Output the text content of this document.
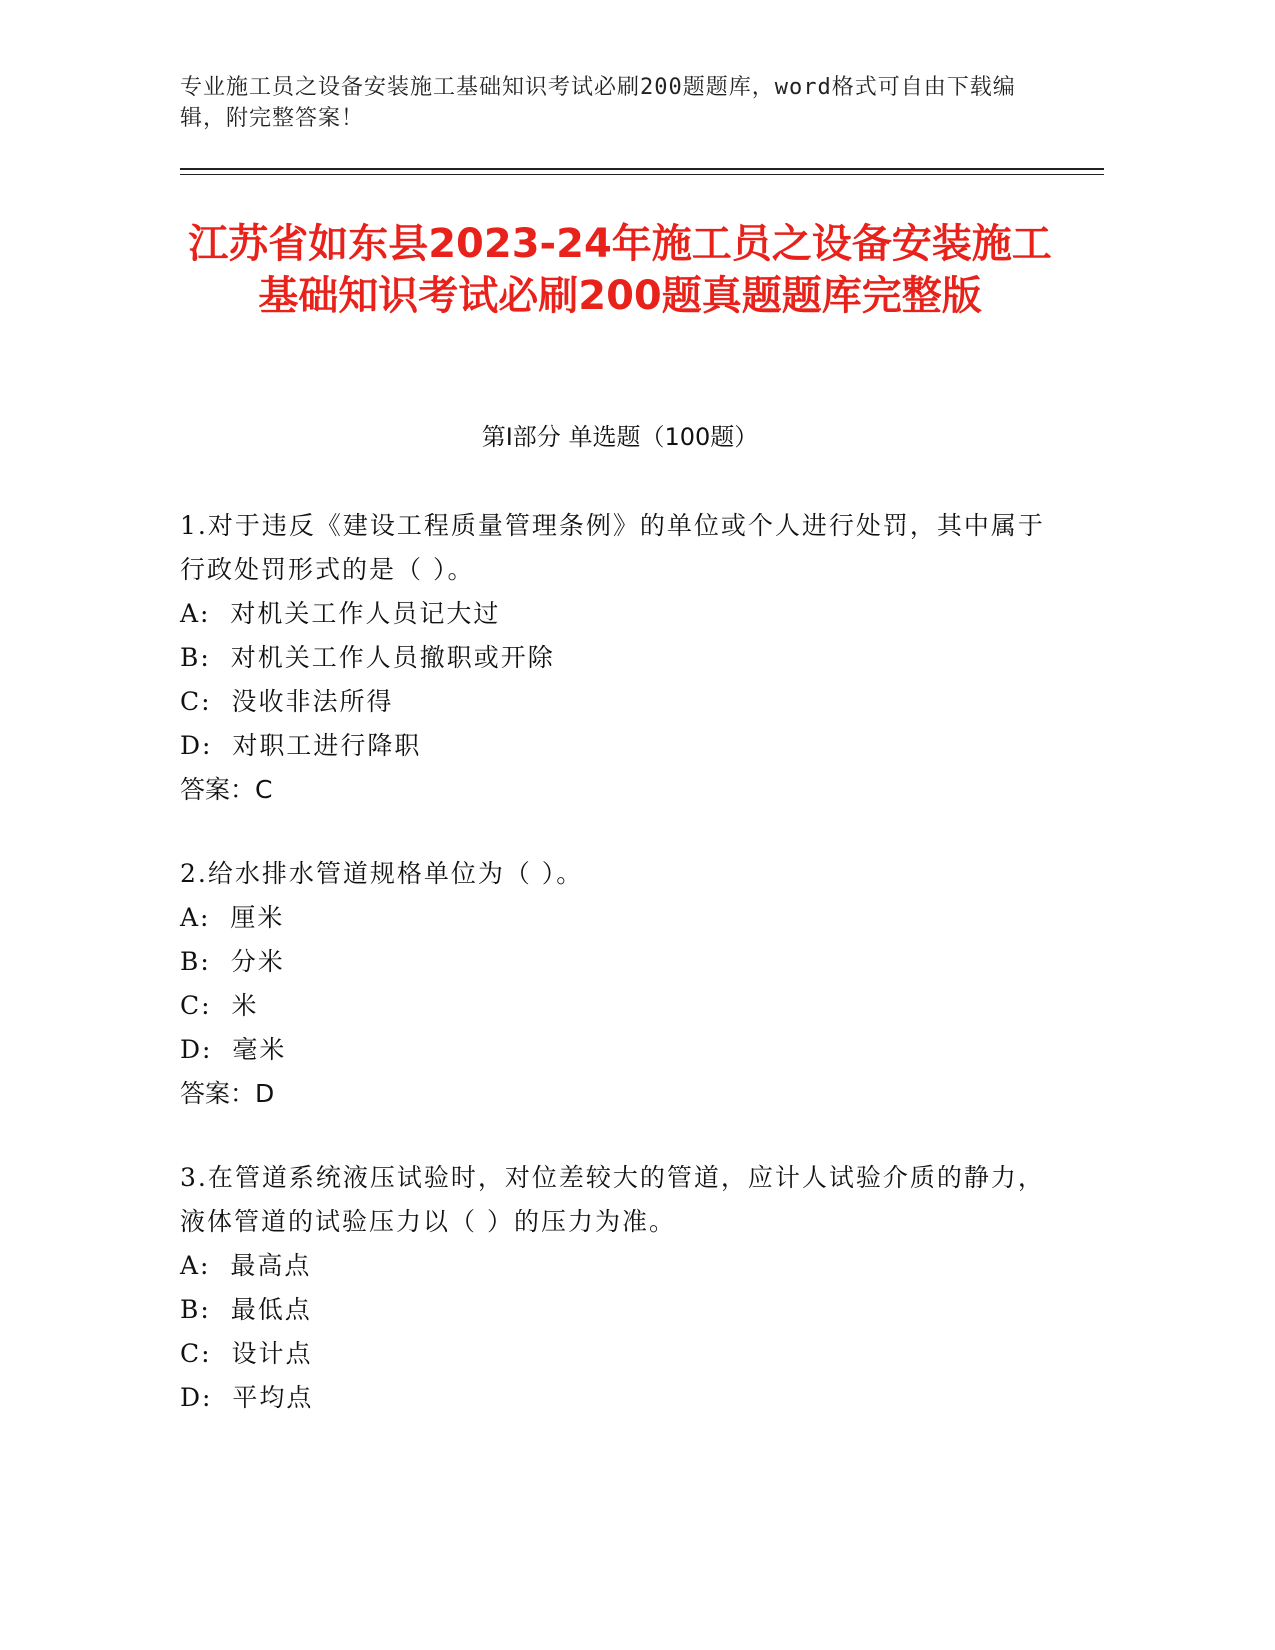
专业施工员之设备安装施工基础知识考试必刷200题题库，word格式可自由下载编辑，附完整答案！
江苏省如东县2023-24年施工员之设备安装施工基础知识考试必刷200题真题题库完整版
第I部分 单选题（100题）

1.对于违反《建设工程质量管理条例》的单位或个人进行处罚，其中属于行政处罚形式的是（ ）。

A:  对机关工作人员记大过

B:  对机关工作人员撤职或开除

C:  没收非法所得

D:  对职工进行降职

答案：C

2.给水排水管道规格单位为（ ）。

A:  厘米

B:  分米

C:  米

D:  毫米

答案：D

3.在管道系统液压试验时，对位差较大的管道，应计人试验介质的静力，液体管道的试验压力以（ ）的压力为准。

A:  最高点

B:  最低点

C:  设计点

D:  平均点
